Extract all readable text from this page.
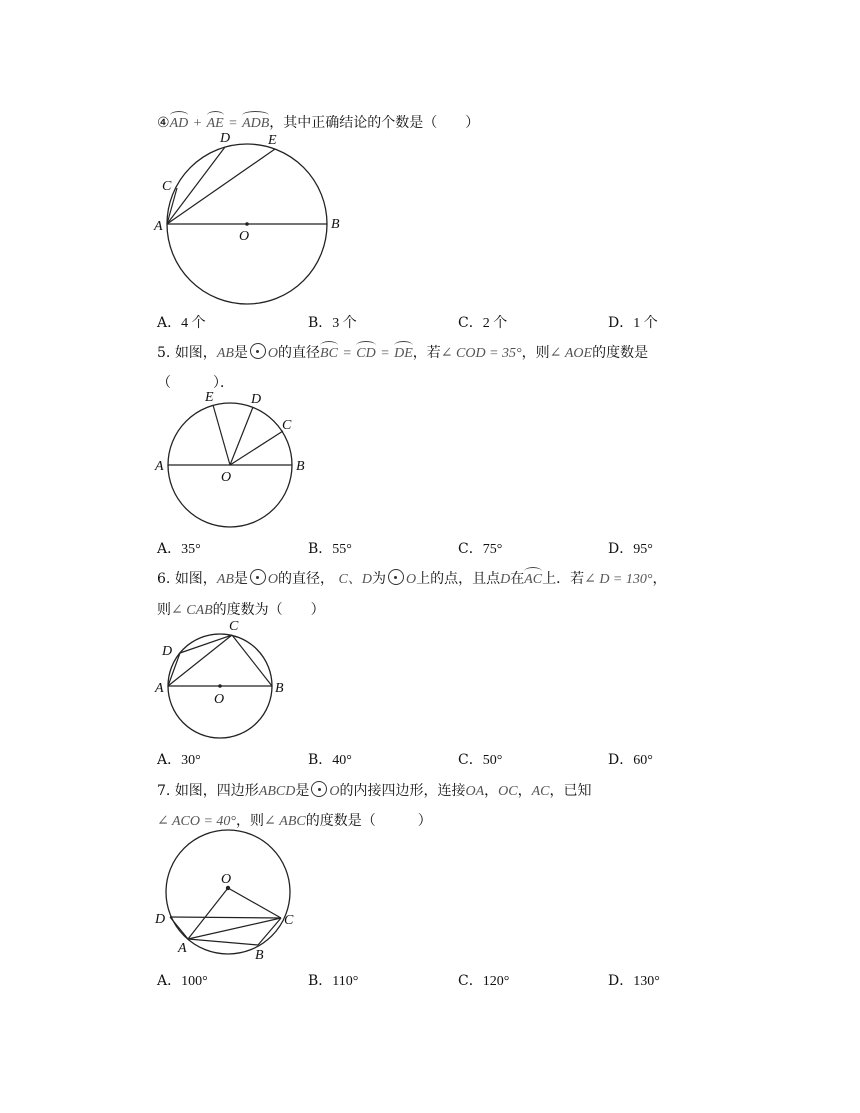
④AD + AE = ADB，其中正确结论的个数是（　　）
A	B
C
D	E
O
A．4 个	B．3 个	C．2 个	D．1 个
5. 如图，AB是 O的直径BC = CD = DE，若∠ COD = 35°，则∠ AOE的度数是
（　　　）．
A	B
C
D
E
O
A．35°	B．55°	C．75°	D．95°
6. 如图，AB是 O的直径， C、D为 O上的点，且点D在AC上．若∠ D = 130°，
则∠ CAB的度数为（　　）
A	B
C
D
O
A．30°	B．40°	C．50°	D．60°
7. 如图，四边形ABCD是 O的内接四边形，连接OA，OC，AC，已知
∠ ACO = 40°，则∠ ABC的度数是（　　　）
O
D	C
A	B
A．100°	B．110°	C．120°	D．130°
